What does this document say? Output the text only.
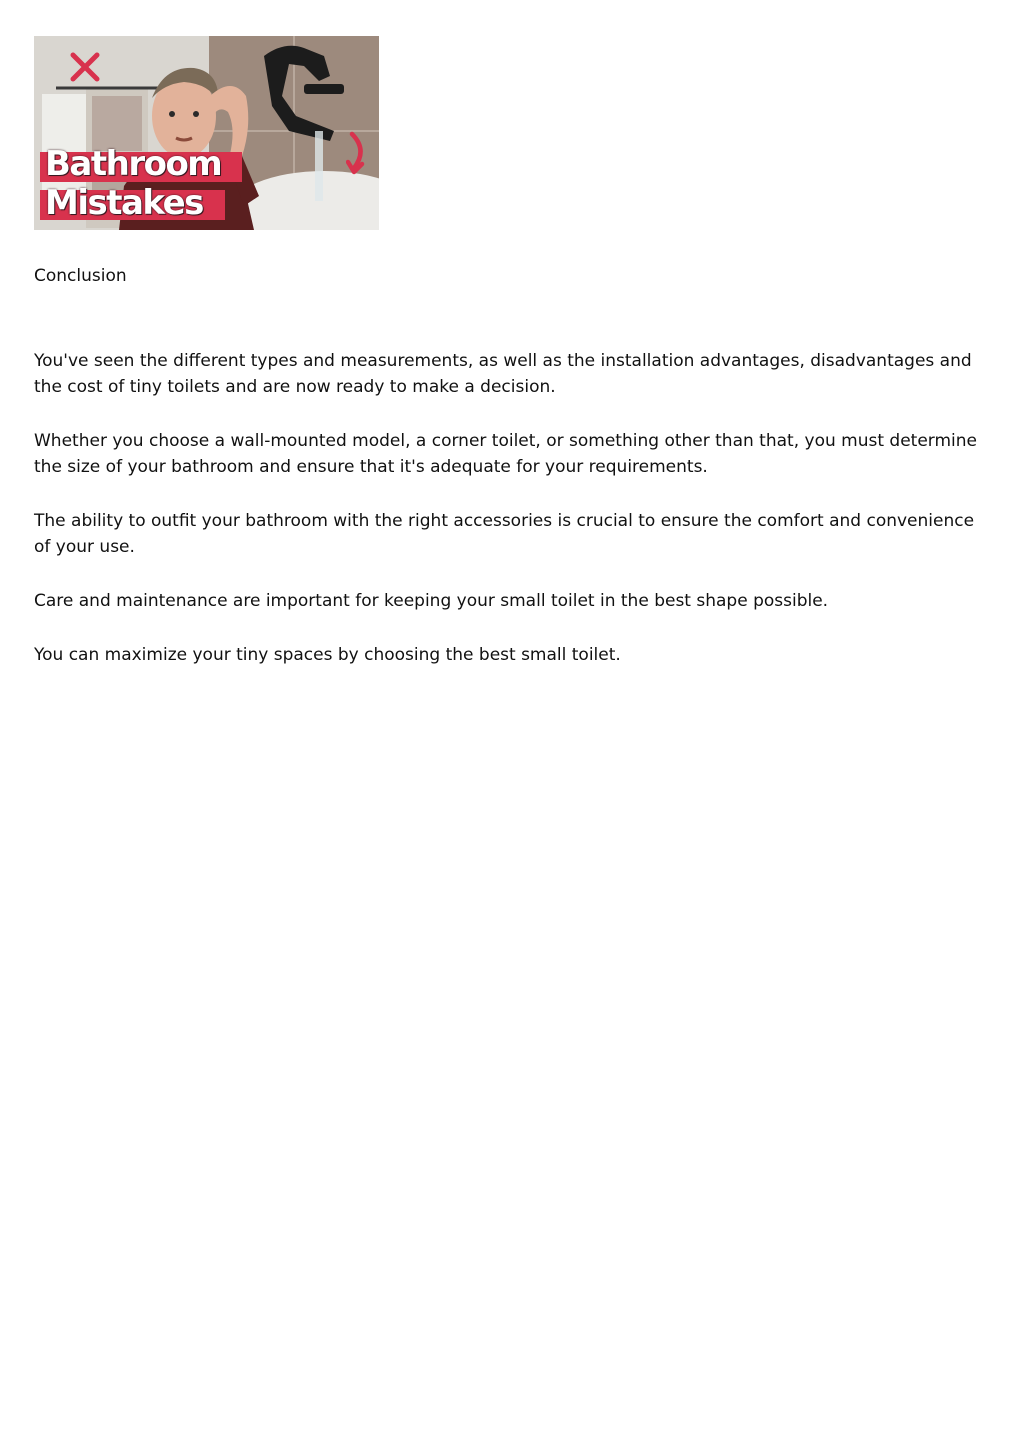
Bathroom
Mistakes

Conclusion

You've seen the different types and measurements, as well as the installation advantages, disadvantages and the cost of tiny toilets and are now ready to make a decision.

Whether you choose a wall-mounted model, a corner toilet, or something other than that, you must determine the size of your bathroom and ensure that it's adequate for your requirements.

The ability to outfit your bathroom with the right accessories is crucial to ensure the comfort and convenience of your use.

Care and maintenance are important for keeping your small toilet in the best shape possible.

You can maximize your tiny spaces by choosing the best small toilet.
